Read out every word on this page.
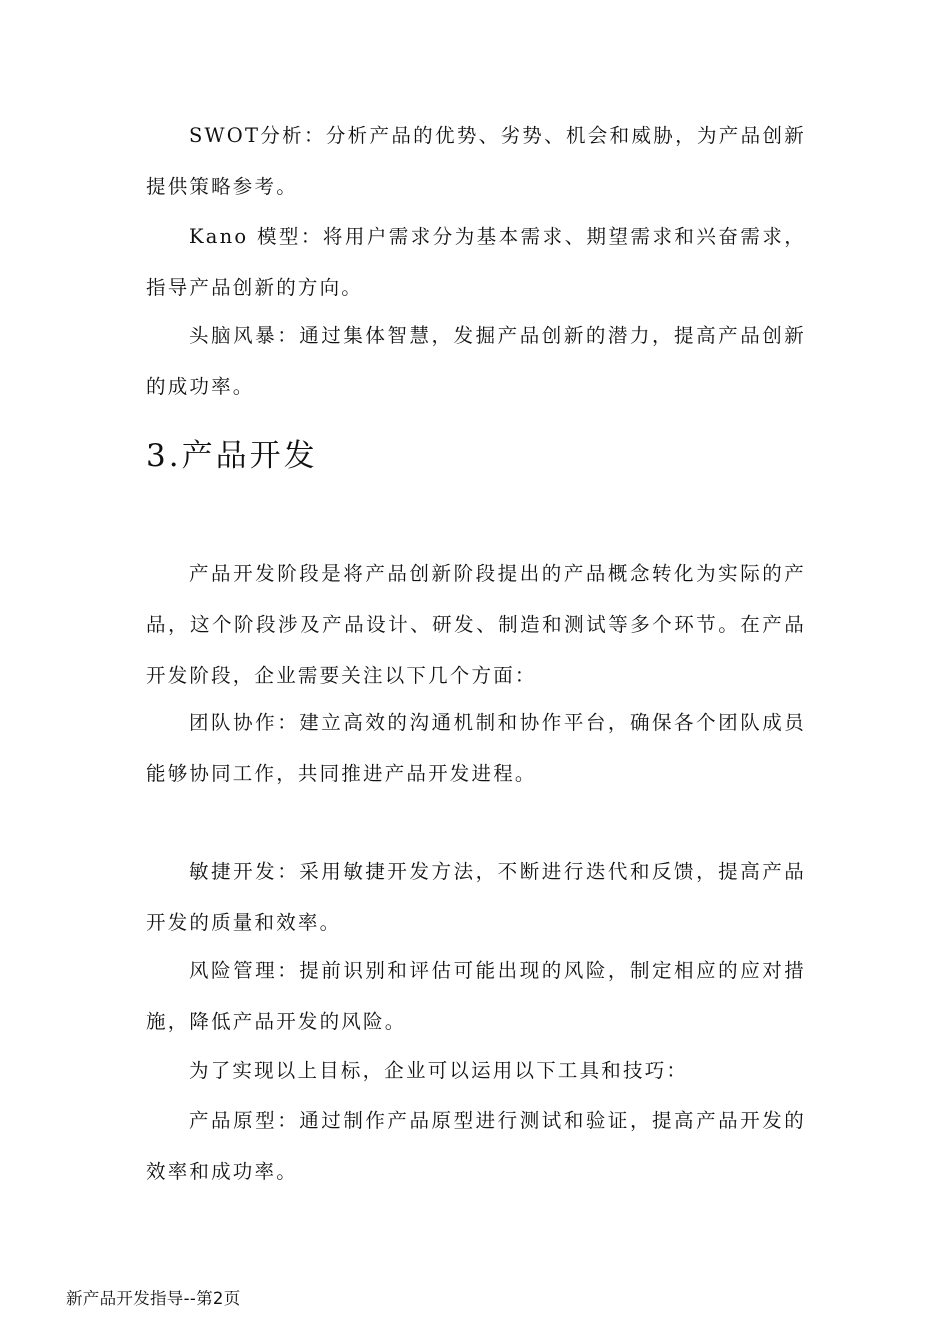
SWOT分析：分析产品的优势、劣势、机会和威胁，为产品创新提供策略参考。

Kano 模型：将用户需求分为基本需求、期望需求和兴奋需求，指导产品创新的方向。

头脑风暴：通过集体智慧，发掘产品创新的潜力，提高产品创新的成功率。

3.产品开发

产品开发阶段是将产品创新阶段提出的产品概念转化为实际的产品，这个阶段涉及产品设计、研发、制造和测试等多个环节。在产品开发阶段，企业需要关注以下几个方面：

团队协作：建立高效的沟通机制和协作平台，确保各个团队成员能够协同工作，共同推进产品开发进程。

敏捷开发：采用敏捷开发方法，不断进行迭代和反馈，提高产品开发的质量和效率。

风险管理：提前识别和评估可能出现的风险，制定相应的应对措施，降低产品开发的风险。

为了实现以上目标，企业可以运用以下工具和技巧：

产品原型：通过制作产品原型进行测试和验证，提高产品开发的效率和成功率。

新产品开发指导--第2页
